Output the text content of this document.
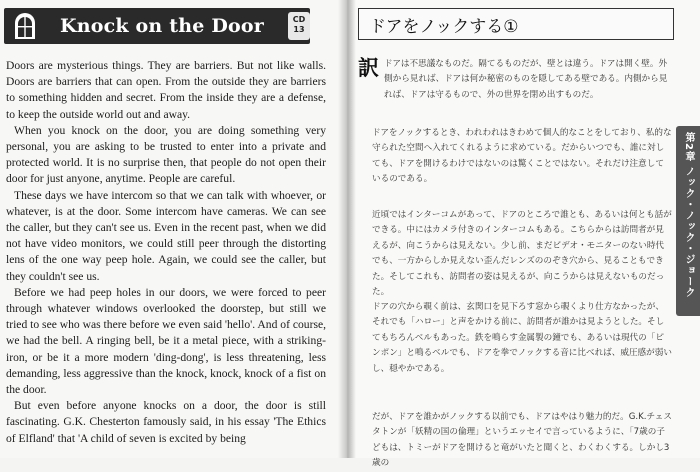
Knock on the Door	CD
13

Doors are mysterious things. They are barriers. But not like walls. Doors are barriers that can open. From the outside they are barriers to something hidden and secret. From the inside they are a defense, to keep the outside world out and away.

When you knock on the door, you are doing something very personal, you are asking to be trusted to enter into a private and protected world. It is no surprise then, that people do not open their door for just anyone, anytime. People are careful.

These days we have intercom so that we can talk with whoever, or whatever, is at the door. Some intercom have cameras. We can see the caller, but they can't see us. Even in the recent past, when we did not have video monitors, we could still peer through the distorting lens of the one way peep hole. Again, we could see the caller, but they couldn't see us.

Before we had peep holes in our doors, we were forced to peer through whatever windows overlooked the doorstep, but still we tried to see who was there before we even said 'hello'. And of course, we had the bell. A ringing bell, be it a metal piece, with a striking-iron, or be it a more modern 'ding-dong', is less threatening, less demanding, less aggressive than the knock, knock, knock of a fist on the door.

But even before anyone knocks on a door, the door is still fascinating. G.K. Chesterton famously said, in his essay 'The Ethics of Elfland' that 'A child of seven is excited by being

ドアをノックする①
訳 ドアは不思議なものだ。隔てるものだが、壁とは違う。ドアは開く壁。外側から見れば、ドアは何か秘密のものを隠してある壁である。内側から見れば、ドアは守るもので、外の世界を閉め出すものだ。

ドアをノックするとき、われわれはきわめて個人的なことをしており、私的な守られた空間へ入れてくれるように求めている。だからいつでも、誰に対しても、ドアを開けるわけではないのは驚くことではない。それだけ注意しているのである。

近頃ではインターコムがあって、ドアのところで誰とも、あるいは何とも話ができる。中にはカメラ付きのインターコムもある。こちらからは訪問者が見えるが、向こうからは見えない。少し前、まだビデオ・モニターのない時代でも、一方からしか見えない歪んだレンズののぞき穴から、見ることもできた。そしてこれも、訪問者の姿は見えるが、向こうからは見えないものだった。

ドアの穴から覗く前は、玄関口を見下ろす窓から覗くより仕方なかったが、それでも「ハロー」と声をかける前に、訪問者が誰かは見ようとした。そしてもちろんベルもあった。鉄を鳴らす金属製の鐘でも、あるいは現代の「ピンポン」と鳴るベルでも、ドアを拳でノックする音に比べれば、威圧感が弱いし、穏やかである。

だが、ドアを誰かがノックする以前でも、ドアはやはり魅力的だ。G.K.チェスタトンが「妖精の国の倫理」というエッセイで言っているように、「7歳の子どもは、トミーがドアを開けると竜がいたと聞くと、わくわくする。しかし3歳の

第2章 ノック・ノック・ジョーク
